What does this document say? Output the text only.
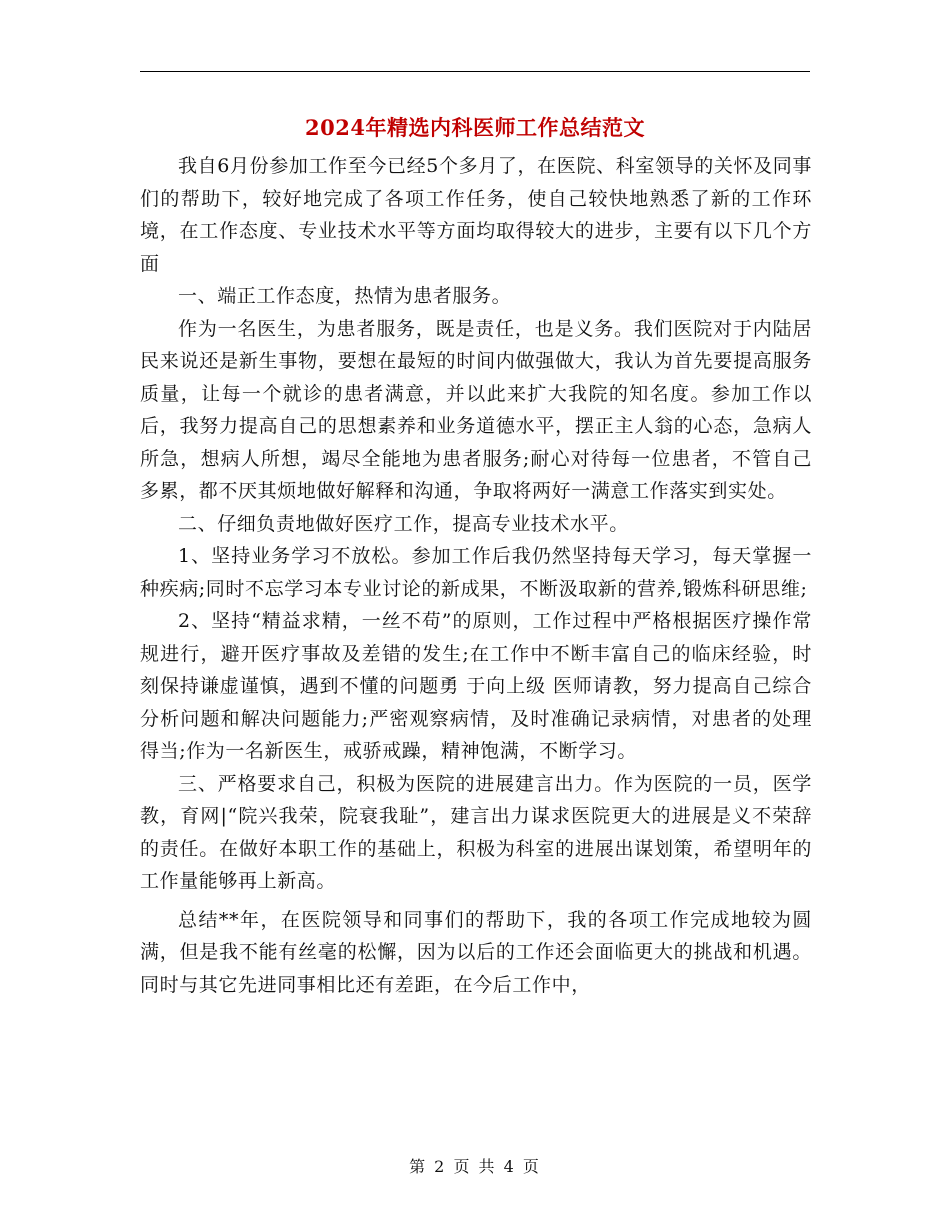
2024年精选内科医师工作总结范文

我自6月份参加工作至今已经5个多月了，在医院、科室领导的关怀及同事们的帮助下，较好地完成了各项工作任务，使自己较快地熟悉了新的工作环境，在工作态度、专业技术水平等方面均取得较大的进步，主要有以下几个方面

一、端正工作态度，热情为患者服务。

作为一名医生，为患者服务，既是责任，也是义务。我们医院对于内陆居民来说还是新生事物，要想在最短的时间内做强做大，我认为首先要提高服务质量，让每一个就诊的患者满意，并以此来扩大我院的知名度。参加工作以后，我努力提高自己的思想素养和业务道德水平，摆正主人翁的心态，急病人所急，想病人所想，竭尽全能地为患者服务;耐心对待每一位患者，不管自己多累，都不厌其烦地做好解释和沟通，争取将两好一满意工作落实到实处。

二、仔细负责地做好医疗工作，提高专业技术水平。

1、坚持业务学习不放松。参加工作后我仍然坚持每天学习，每天掌握一种疾病;同时不忘学习本专业讨论的新成果，不断汲取新的营养,锻炼科研思维;

2、坚持“精益求精，一丝不苟”的原则，工作过程中严格根据医疗操作常规进行，避开医疗事故及差错的发生;在工作中不断丰富自己的临床经验，时刻保持谦虚谨慎，遇到不懂的问题勇 于向上级 医师请教，努力提高自己综合分析问题和解决问题能力;严密观察病情，及时准确记录病情，对患者的处理得当;作为一名新医生，戒骄戒躁，精神饱满，不断学习。

三、严格要求自己，积极为医院的进展建言出力。作为医院的一员，医学教，育网|“院兴我荣，院衰我耻”，建言出力谋求医院更大的进展是义不荣辞的责任。在做好本职工作的基础上，积极为科室的进展出谋划策，希望明年的工作量能够再上新高。

总结**年，在医院领导和同事们的帮助下，我的各项工作完成地较为圆满，但是我不能有丝毫的松懈，因为以后的工作还会面临更大的挑战和机遇。同时与其它先进同事相比还有差距，在今后工作中，

第 2 页 共 4 页
